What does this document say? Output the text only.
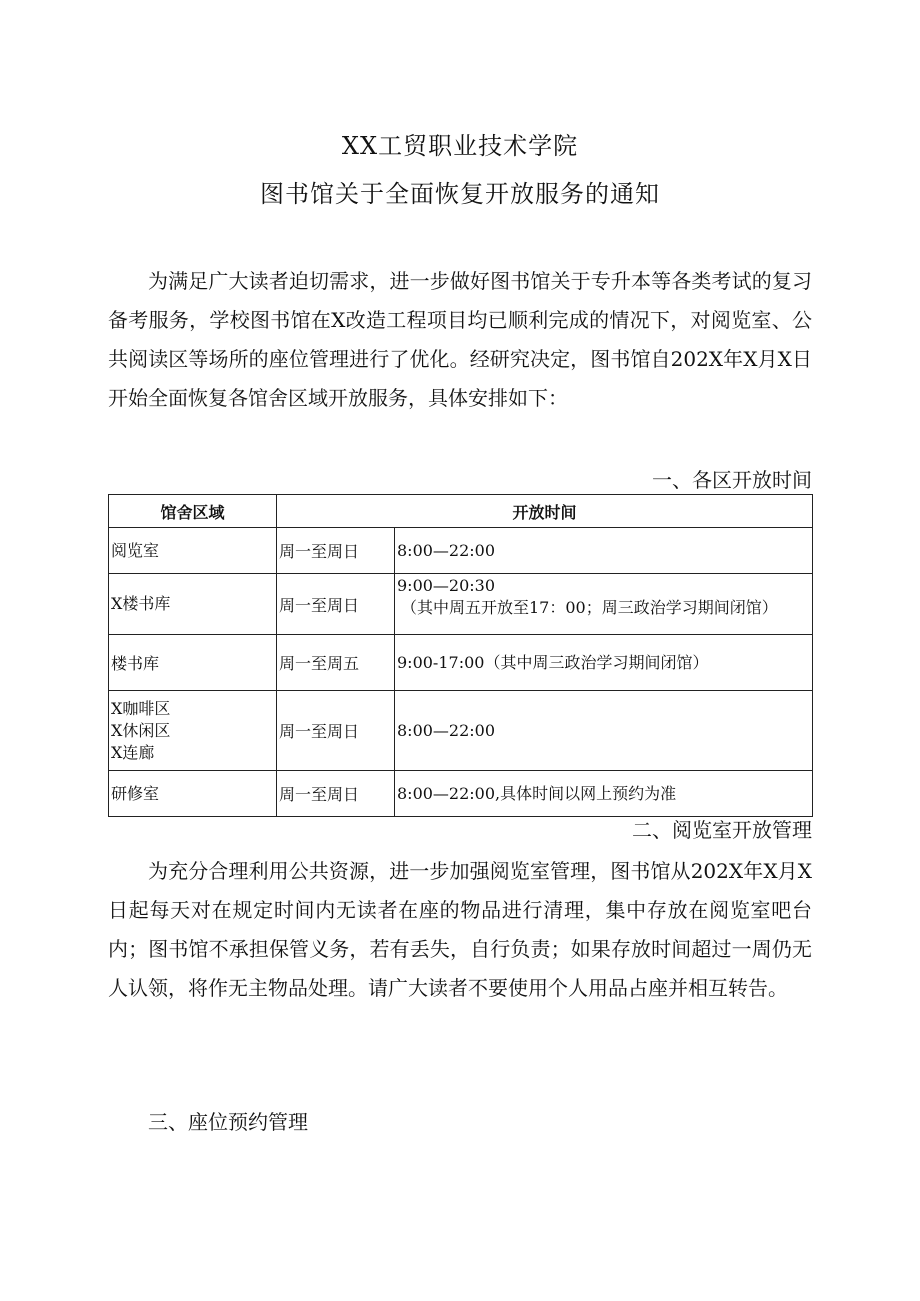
XX工贸职业技术学院
图书馆关于全面恢复开放服务的通知

为满足广大读者迫切需求，进一步做好图书馆关于专升本等各类考试的复习备考服务，学校图书馆在X改造工程项目均已顺利完成的情况下，对阅览室、公共阅读区等场所的座位管理进行了优化。经研究决定，图书馆自202X年X月X日开始全面恢复各馆舍区域开放服务，具体安排如下：

一、各区开放时间
馆舍区域	开放时间	

阅览室	周一至周日	8:00—22:00

X楼书库	周一至周日	9:00—20:30
（其中周五开放至17：00；周三政治学习期间闭馆）

楼书库	周一至周五	9:00-17:00（其中周三政治学习期间闭馆）

X咖啡区
X休闲区
X连廊	周一至周日	8:00—22:00

研修室	周一至周日	8:00—22:00,具体时间以网上预约为准
二、阅览室开放管理

为充分合理利用公共资源，进一步加强阅览室管理，图书馆从202X年X月X日起每天对在规定时间内无读者在座的物品进行清理，集中存放在阅览室吧台内；图书馆不承担保管义务，若有丢失，自行负责；如果存放时间超过一周仍无人认领，将作无主物品处理。请广大读者不要使用个人用品占座并相互转告。

三、座位预约管理
